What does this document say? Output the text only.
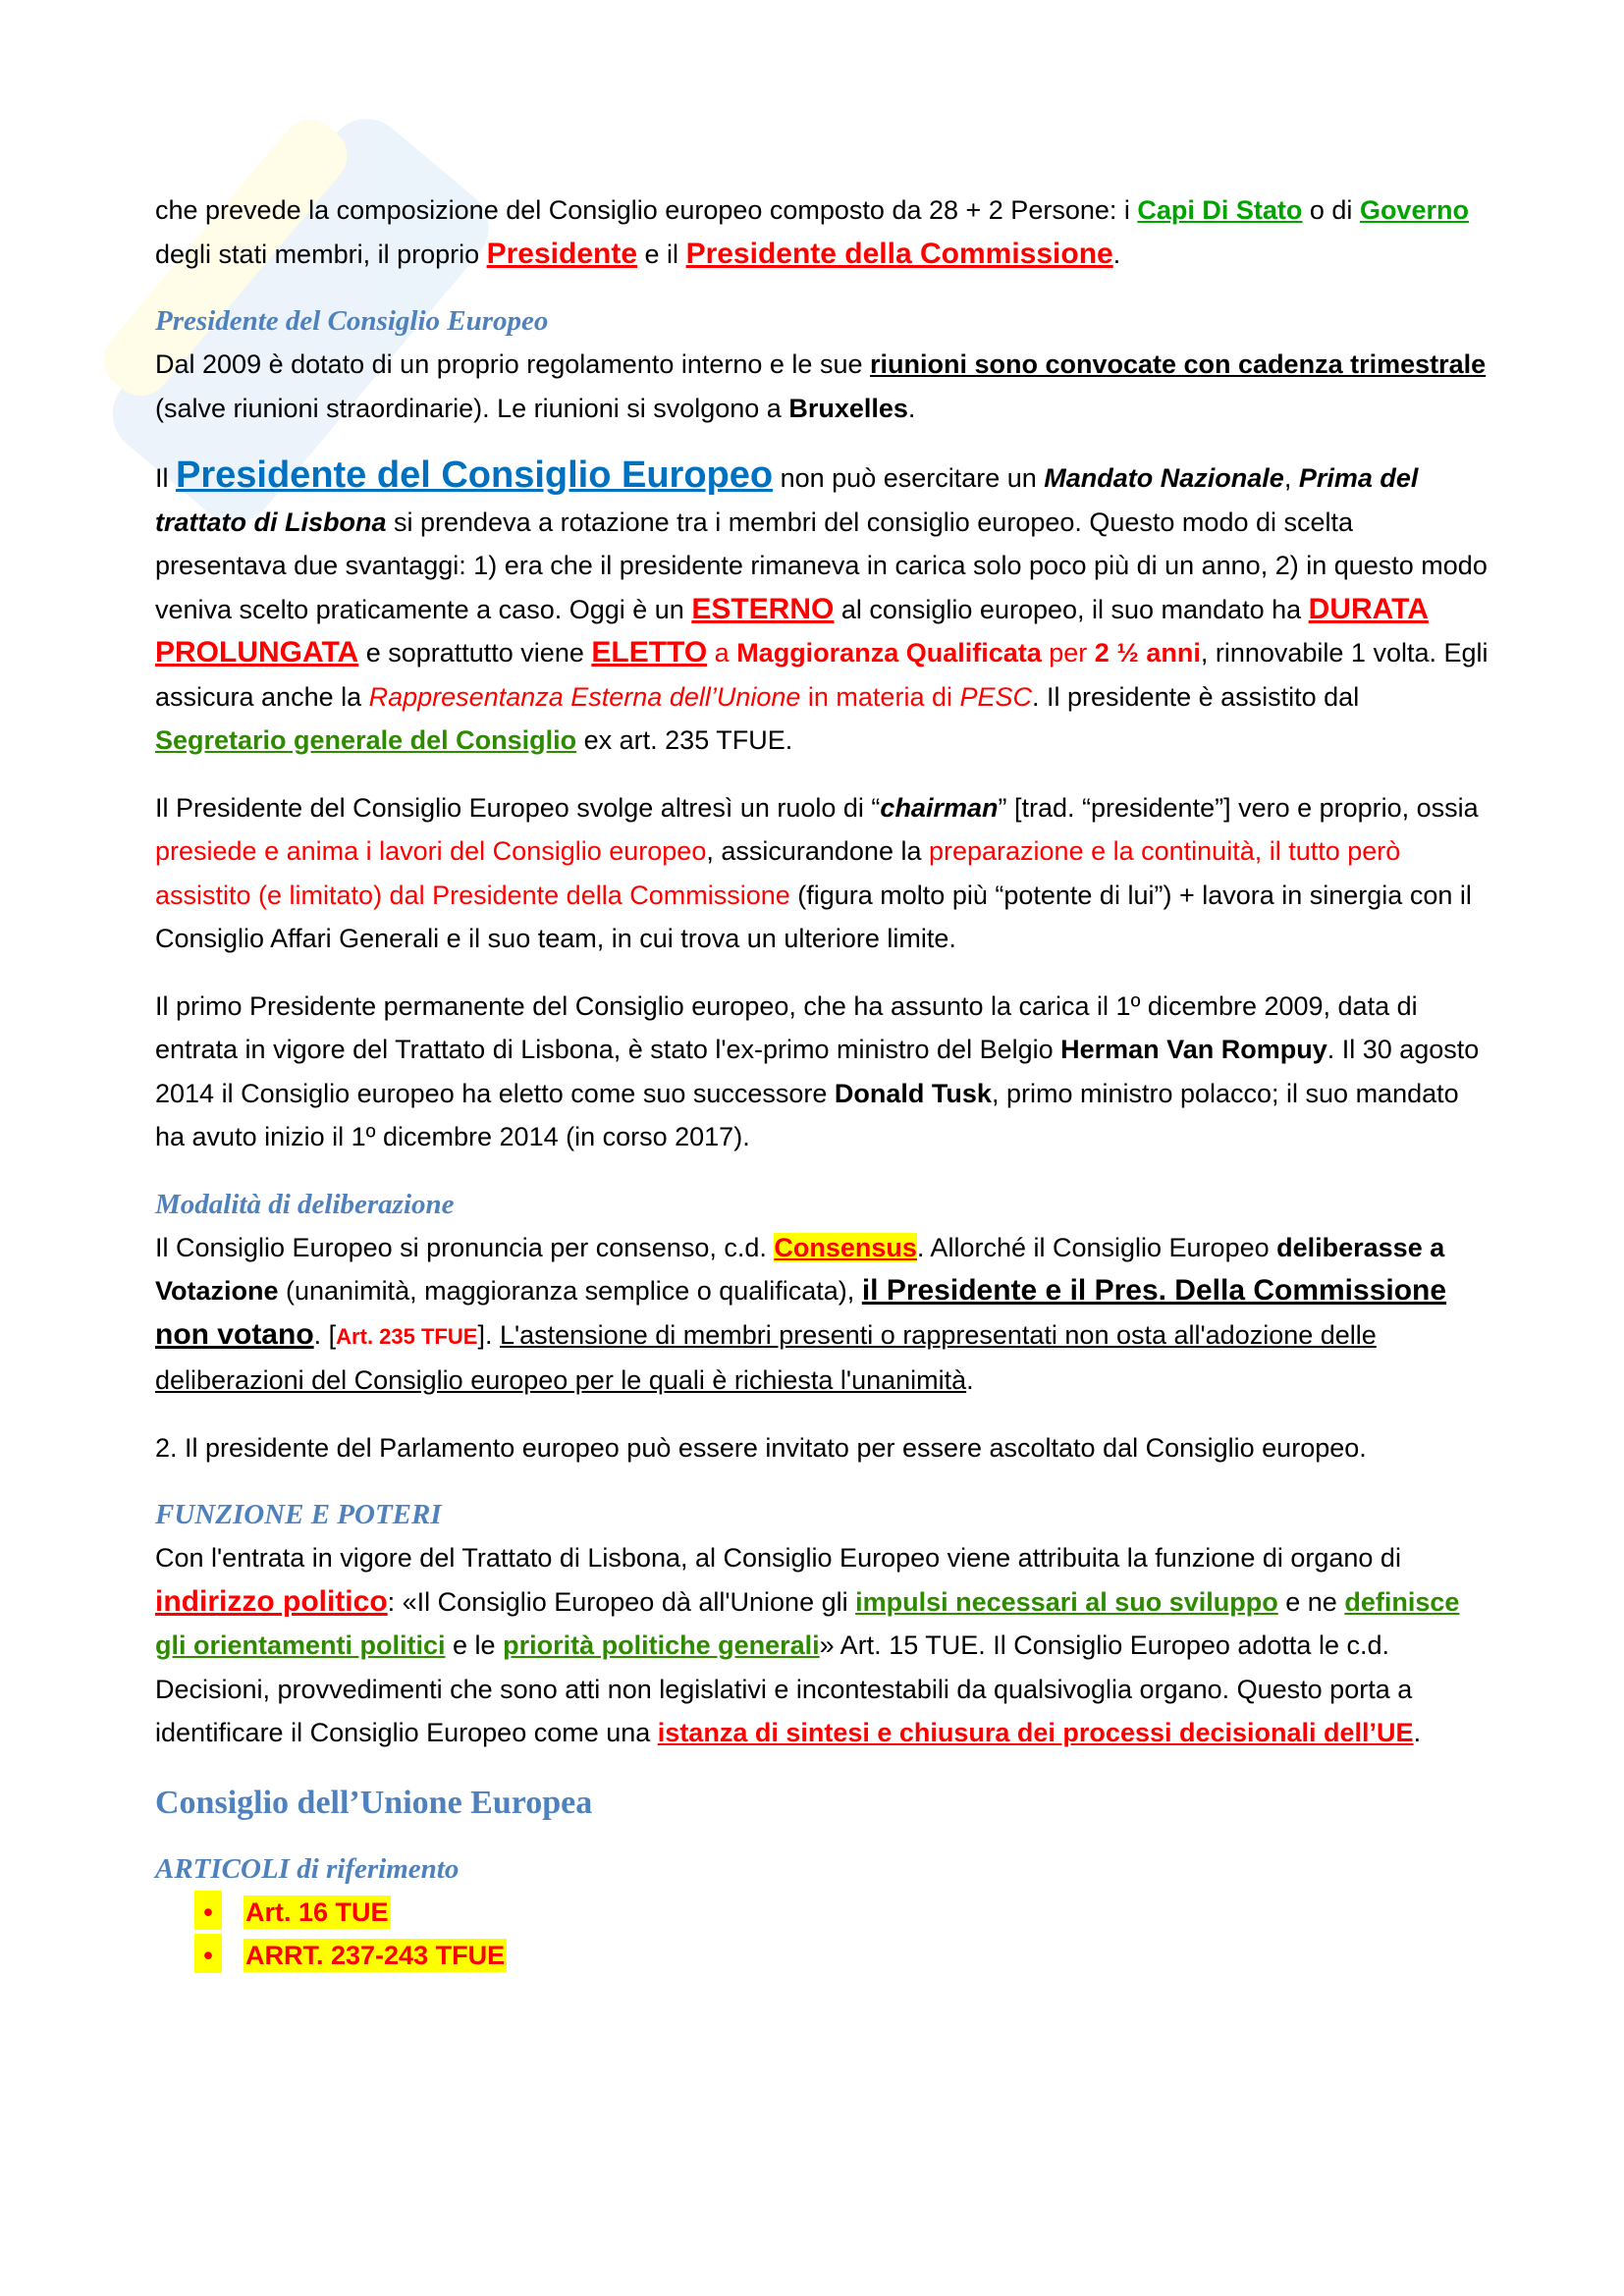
che prevede la composizione del Consiglio europeo composto da 28 + 2 Persone: i Capi Di Stato o di Governo degli stati membri, il proprio Presidente e il Presidente della Commissione.

Presidente del Consiglio Europeo

Dal 2009 è dotato di un proprio regolamento interno e le sue riunioni sono convocate con cadenza trimestrale (salve riunioni straordinarie). Le riunioni si svolgono a Bruxelles.

Il Presidente del Consiglio Europeo non può esercitare un Mandato Nazionale, Prima del trattato di Lisbona si prendeva a rotazione tra i membri del consiglio europeo. Questo modo di scelta presentava due svantaggi: 1) era che il presidente rimaneva in carica solo poco più di un anno, 2) in questo modo veniva scelto praticamente a caso. Oggi è un ESTERNO al consiglio europeo, il suo mandato ha DURATA PROLUNGATA e soprattutto viene ELETTO a Maggioranza Qualificata per 2 ½ anni, rinnovabile 1 volta. Egli assicura anche la Rappresentanza Esterna dell’Unione in materia di PESC. Il presidente è assistito dal Segretario generale del Consiglio ex art. 235 TFUE.

Il Presidente del Consiglio Europeo svolge altresì un ruolo di “chairman” [trad. “presidente”] vero e proprio, ossia presiede e anima i lavori del Consiglio europeo, assicurandone la preparazione e la continuità, il tutto però assistito (e limitato) dal Presidente della Commissione (figura molto più “potente di lui”) + lavora in sinergia con il Consiglio Affari Generali e il suo team, in cui trova un ulteriore limite.

Il primo Presidente permanente del Consiglio europeo, che ha assunto la carica il 1º dicembre 2009, data di entrata in vigore del Trattato di Lisbona, è stato l'ex-primo ministro del Belgio Herman Van Rompuy. Il 30 agosto 2014 il Consiglio europeo ha eletto come suo successore Donald Tusk, primo ministro polacco; il suo mandato ha avuto inizio il 1º dicembre 2014 (in corso 2017).

Modalità di deliberazione

Il Consiglio Europeo si pronuncia per consenso, c.d. Consensus. Allorché il Consiglio Europeo deliberasse a Votazione (unanimità, maggioranza semplice o qualificata), il Presidente e il Pres. Della Commissione non votano. [Art. 235 TFUE]. L'astensione di membri presenti o rappresentati non osta all'adozione delle deliberazioni del Consiglio europeo per le quali è richiesta l'unanimità.

2. Il presidente del Parlamento europeo può essere invitato per essere ascoltato dal Consiglio europeo.

FUNZIONE E POTERI

Con l'entrata in vigore del Trattato di Lisbona, al Consiglio Europeo viene attribuita la funzione di organo di indirizzo politico: «Il Consiglio Europeo dà all'Unione gli impulsi necessari al suo sviluppo e ne definisce gli orientamenti politici e le priorità politiche generali» Art. 15 TUE. Il Consiglio Europeo adotta le c.d. Decisioni, provvedimenti che sono atti non legislativi e incontestabili da qualsivoglia organo. Questo porta a identificare il Consiglio Europeo come una istanza di sintesi e chiusura dei processi decisionali dell’UE.

Consiglio dell’Unione Europea
ARTICOLI di riferimento
•	Art. 16 TUE
•	ARRT. 237-243 TFUE
